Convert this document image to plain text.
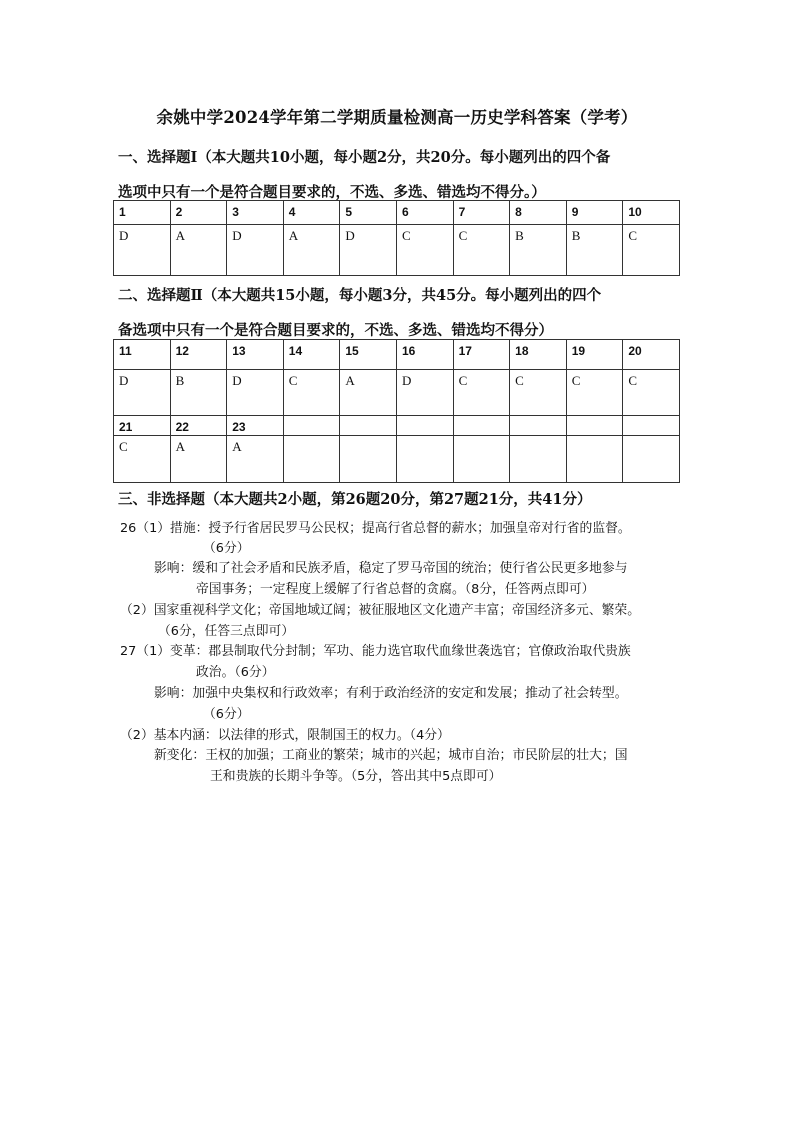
余姚中学2024学年第二学期质量检测高一历史学科答案（学考）
一、选择题Ⅰ（本大题共10小题，每小题2分，共20分。每小题列出的四个备
选项中只有一个是符合题目要求的，不选、多选、错选均不得分。）
1	2	3	4	5	6	7	8	9	10
D	A	D	A	D	C	C	B	B	C
二、选择题Ⅱ（本大题共15小题，每小题3分，共45分。每小题列出的四个
备选项中只有一个是符合题目要求的，不选、多选、错选均不得分）
11	12	13	14	15	16	17	18	19	20
D	B	D	C	A	D	C	C	C	C
21	22	23							
C	A	A							
三、非选择题（本大题共2小题，第26题20分，第27题21分，共41分）
26（1）措施：授予行省居民罗马公民权；提高行省总督的薪水；加强皇帝对行省的监督。
（6分）
影响：缓和了社会矛盾和民族矛盾，稳定了罗马帝国的统治；使行省公民更多地参与
帝国事务；一定程度上缓解了行省总督的贪腐。（8分，任答两点即可）
（2）国家重视科学文化；帝国地域辽阔；被征服地区文化遗产丰富；帝国经济多元、繁荣。
（6分，任答三点即可）
27（1）变革：郡县制取代分封制；军功、能力选官取代血缘世袭选官；官僚政治取代贵族
政治。（6分）
影响：加强中央集权和行政效率；有利于政治经济的安定和发展；推动了社会转型。
（6分）
（2）基本内涵：以法律的形式，限制国王的权力。（4分）
新变化：王权的加强；工商业的繁荣；城市的兴起；城市自治；市民阶层的壮大；国
王和贵族的长期斗争等。（5分，答出其中5点即可）
